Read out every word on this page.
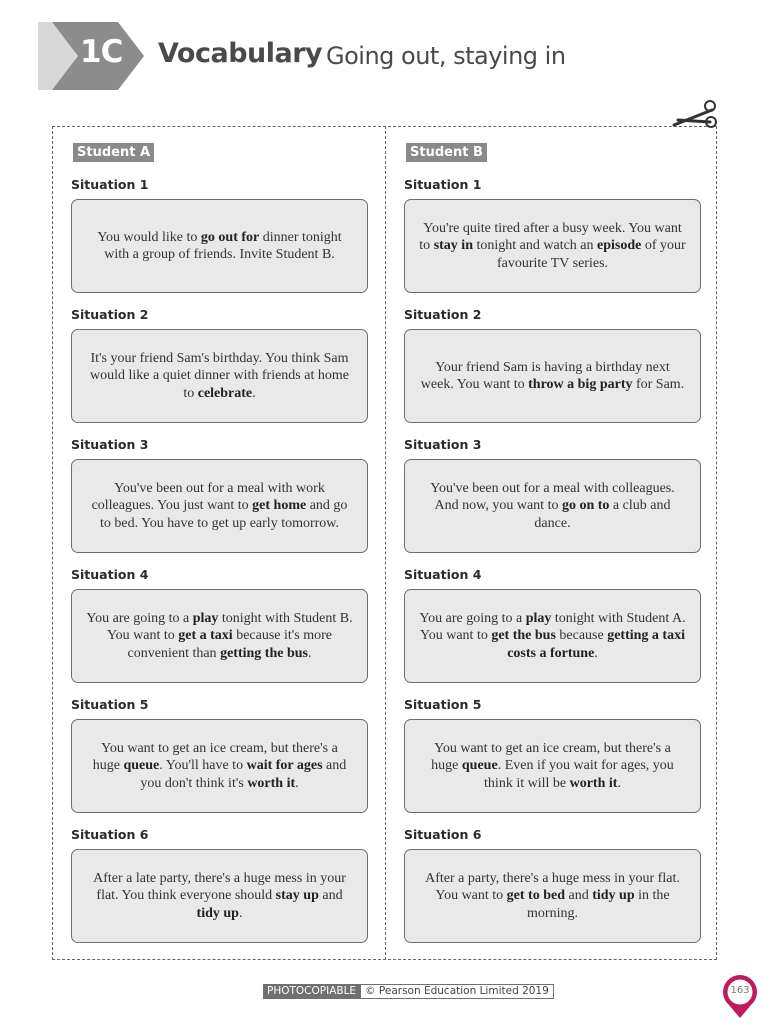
1C Vocabulary Going out, staying in
Student A
Situation 1
You would like to go out for dinner tonight with a group of friends. Invite Student B.
Situation 2
It's your friend Sam's birthday. You think Sam would like a quiet dinner with friends at home to celebrate.
Situation 3
You've been out for a meal with work colleagues. You just want to get home and go to bed. You have to get up early tomorrow.
Situation 4
You are going to a play tonight with Student B. You want to get a taxi because it's more convenient than getting the bus.
Situation 5
You want to get an ice cream, but there's a huge queue. You'll have to wait for ages and you don't think it's worth it.
Situation 6
After a late party, there's a huge mess in your flat. You think everyone should stay up and tidy up.
Student B
Situation 1
You're quite tired after a busy week. You want to stay in tonight and watch an episode of your favourite TV series.
Situation 2
Your friend Sam is having a birthday next week. You want to throw a big party for Sam.
Situation 3
You've been out for a meal with colleagues. And now, you want to go on to a club and dance.
Situation 4
You are going to a play tonight with Student A. You want to get the bus because getting a taxi costs a fortune.
Situation 5
You want to get an ice cream, but there's a huge queue. Even if you wait for ages, you think it will be worth it.
Situation 6
After a party, there's a huge mess in your flat. You want to get to bed and tidy up in the morning.
PHOTOCOPIABLE © Pearson Education Limited 2019	163
